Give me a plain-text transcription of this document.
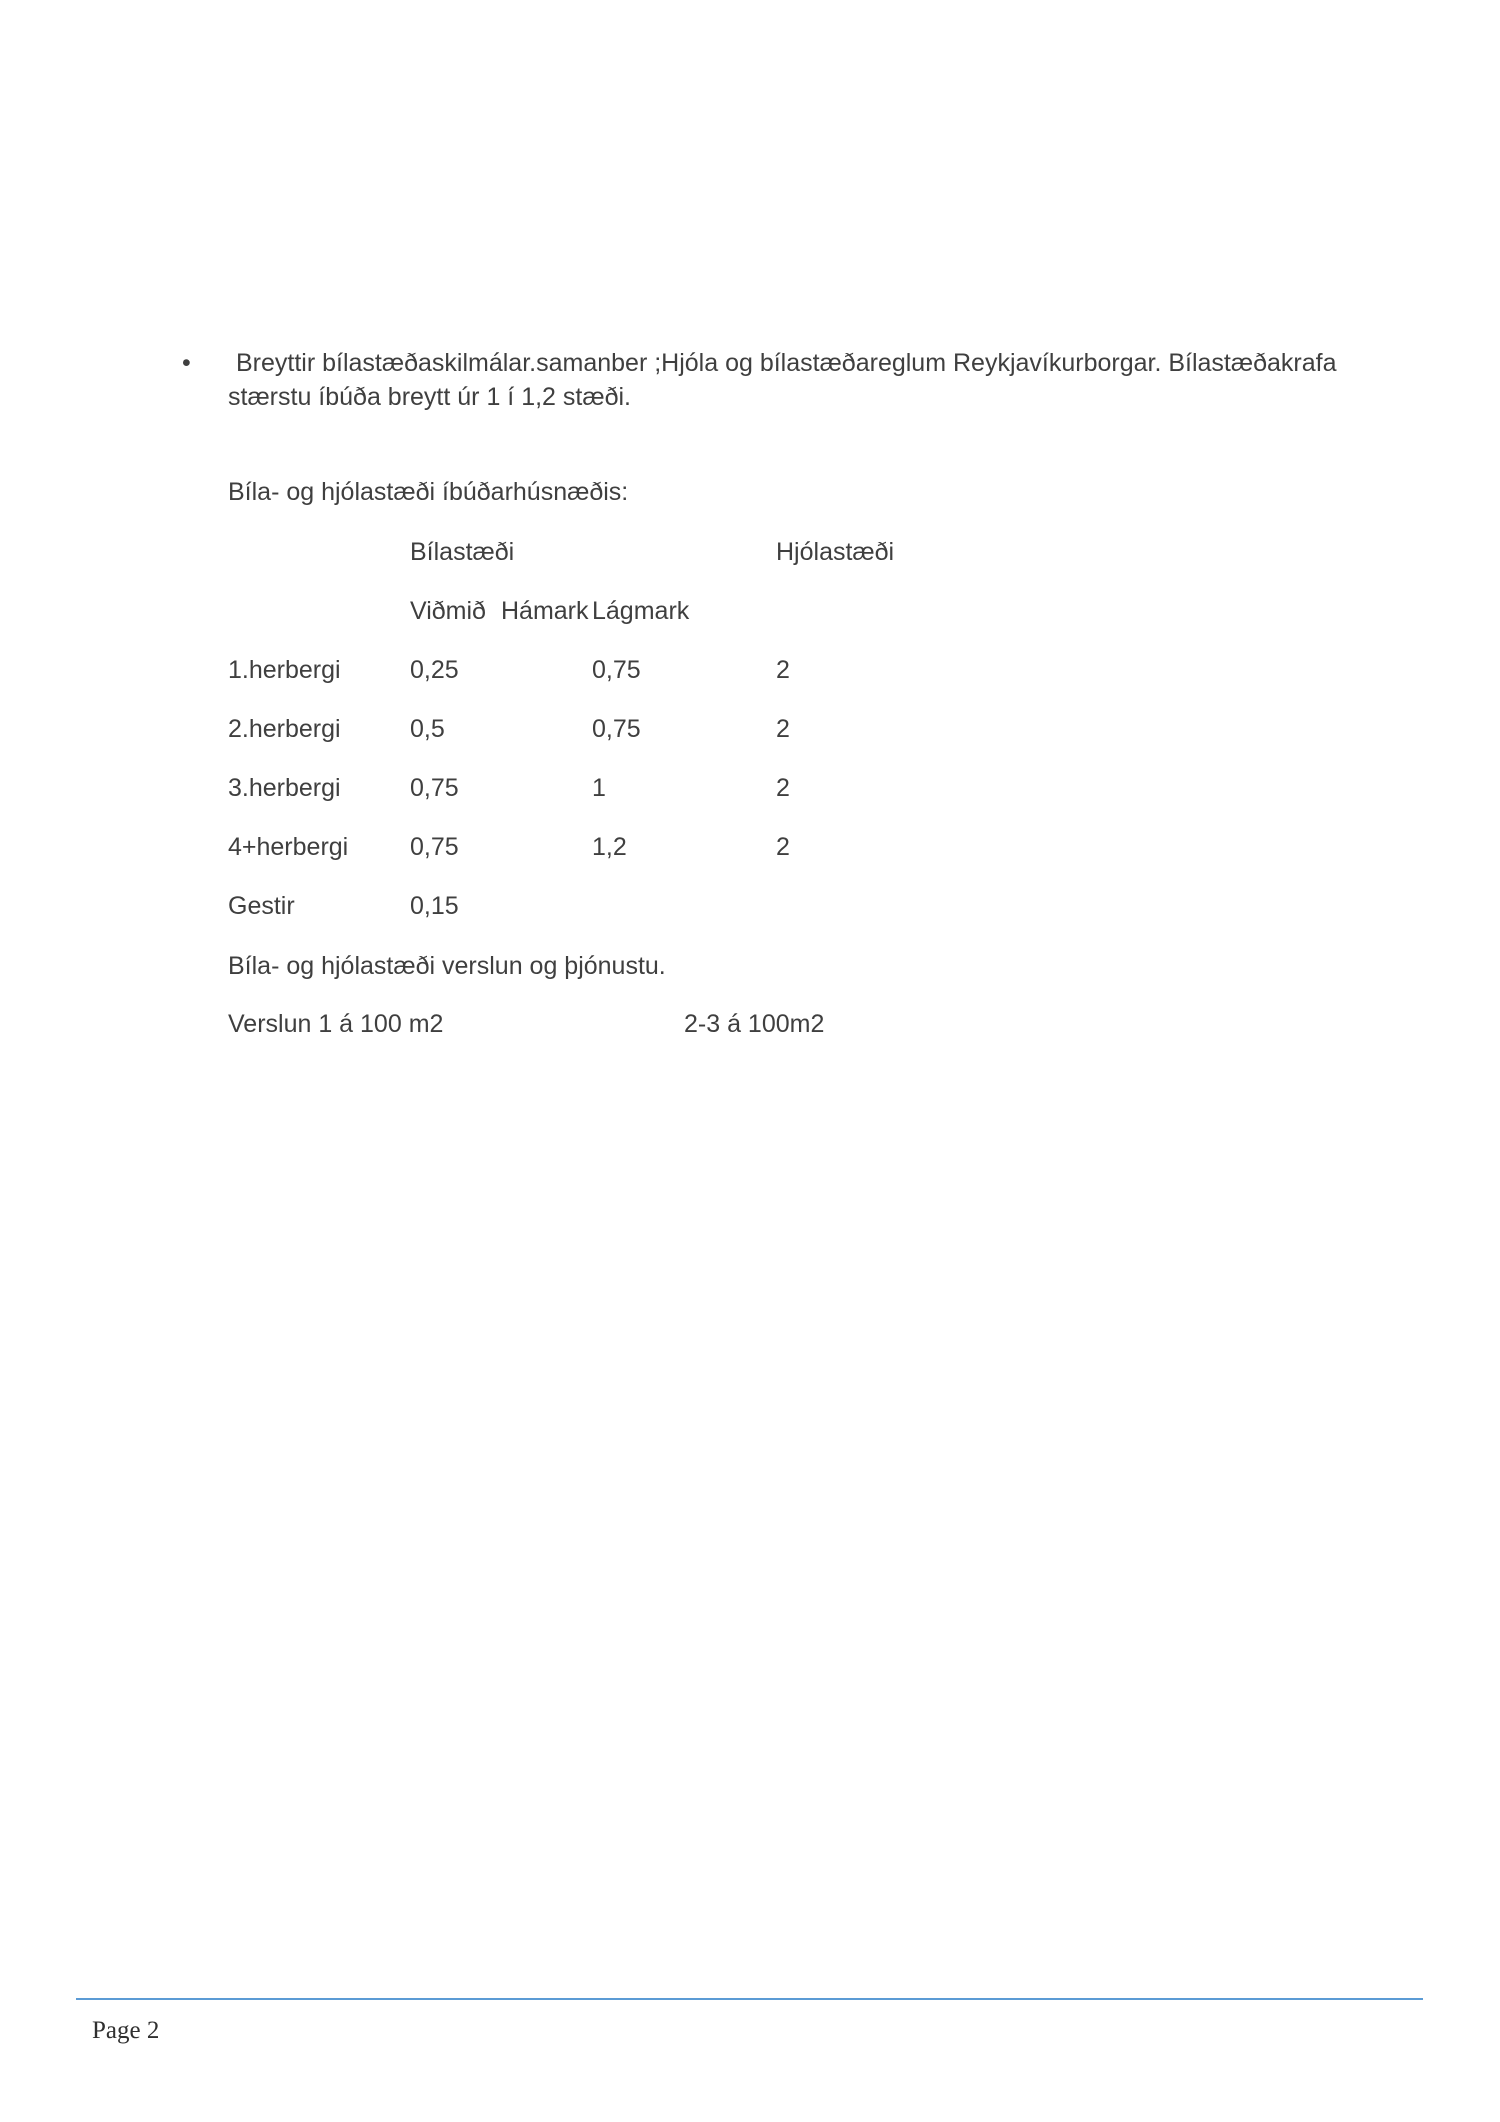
•	Breyttir bílastæðaskilmálar.samanber ;Hjóla og bílastæðareglum Reykjavíkurborgar. Bílastæðakrafa
stærstu íbúða breytt úr 1 í 1,2 stæði.
Bíla- og hjólastæði íbúðarhúsnæðis:
Bílastæði	Hjólastæði
Viðmið Hámark Lágmark
1.herbergi	0,25	0,75	2
2.herbergi	0,5	0,75	2
3.herbergi	0,75	1	2
4+herbergi 0,75	1,2	2
Gestir	0,15
Bíla- og hjólastæði verslun og þjónustu.
Verslun 1 á 100 m2	2-3 á 100m2
Page 2
